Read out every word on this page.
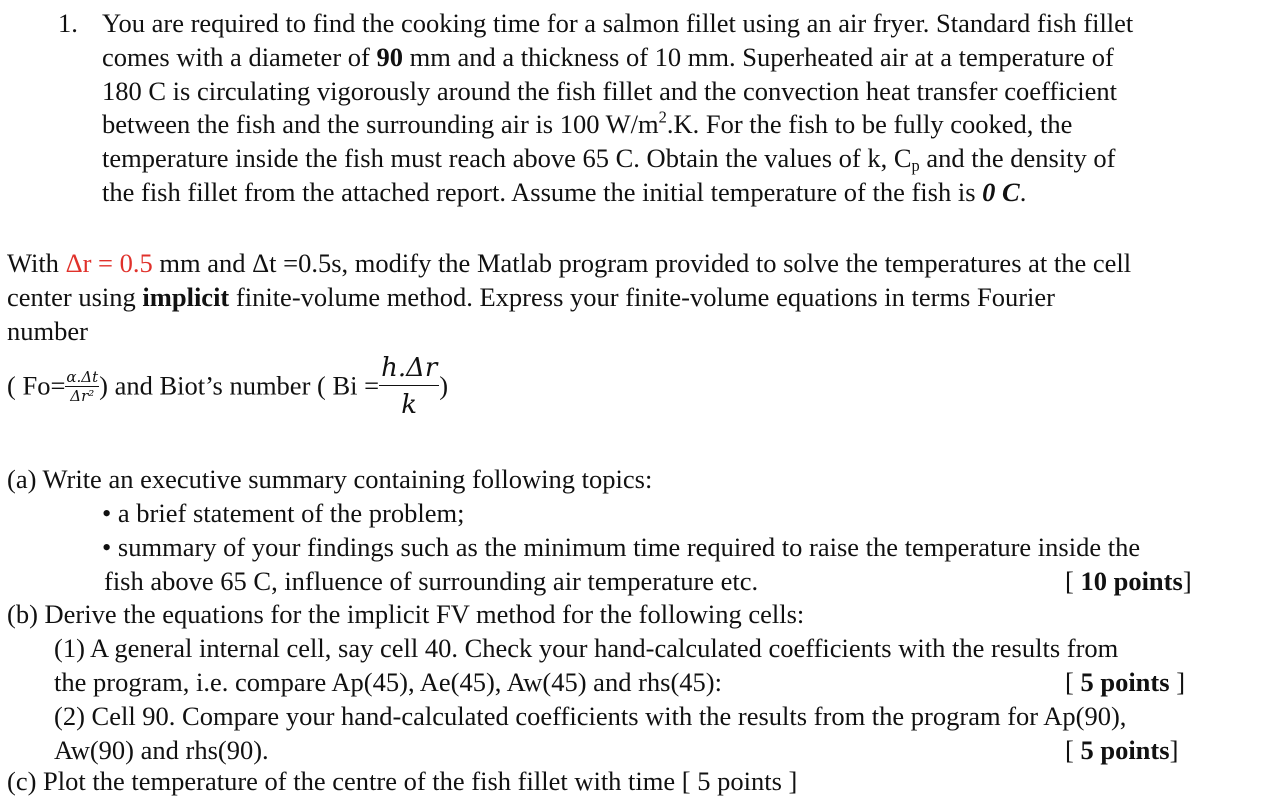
1. You are required to find the cooking time for a salmon fillet using an air fryer. Standard fish fillet
comes with a diameter of 90 mm and a thickness of 10 mm. Superheated air at a temperature of
180 C is circulating vigorously around the fish fillet and the convection heat transfer coefficient
between the fish and the surrounding air is 100 $W/m^2.K$. For the fish to be fully cooked, the
temperature inside the fish must reach above 65 C. Obtain the values of k, $C_p$ and the density of
the fish fillet from the attached report. Assume the initial temperature of the fish is 0 C.
With Δr = 0.5 mm and Δt =0.5s, modify the Matlab program provided to solve the temperatures at the cell
center using implicit finite-volume method. Express your finite-volume equations in terms Fourier
number
( $Fo= \frac{\alpha.\Delta t}{\text{Δr²}}$ ) and Biot’s number ( $Bi = \frac{h.\Delta r}{k}$ )
(a) Write an executive summary containing following topics:
• a brief statement of the problem;
• summary of your findings such as the minimum time required to raise the temperature inside the
fish above 65 C, influence of surrounding air temperature etc.	[ 10 points]
(b) Derive the equations for the implicit FV method for the following cells:
(1) A general internal cell, say cell 40. Check your hand-calculated coefficients with the results from
the program, i.e. compare Ap(45), Ae(45), Aw(45) and rhs(45):	[ 5 points ]
(2) Cell 90. Compare your hand-calculated coefficients with the results from the program for Ap(90),
Aw(90) and rhs(90).	[ 5 points]
(c) Plot the temperature of the centre of the fish fillet with time [ 5 points ]
